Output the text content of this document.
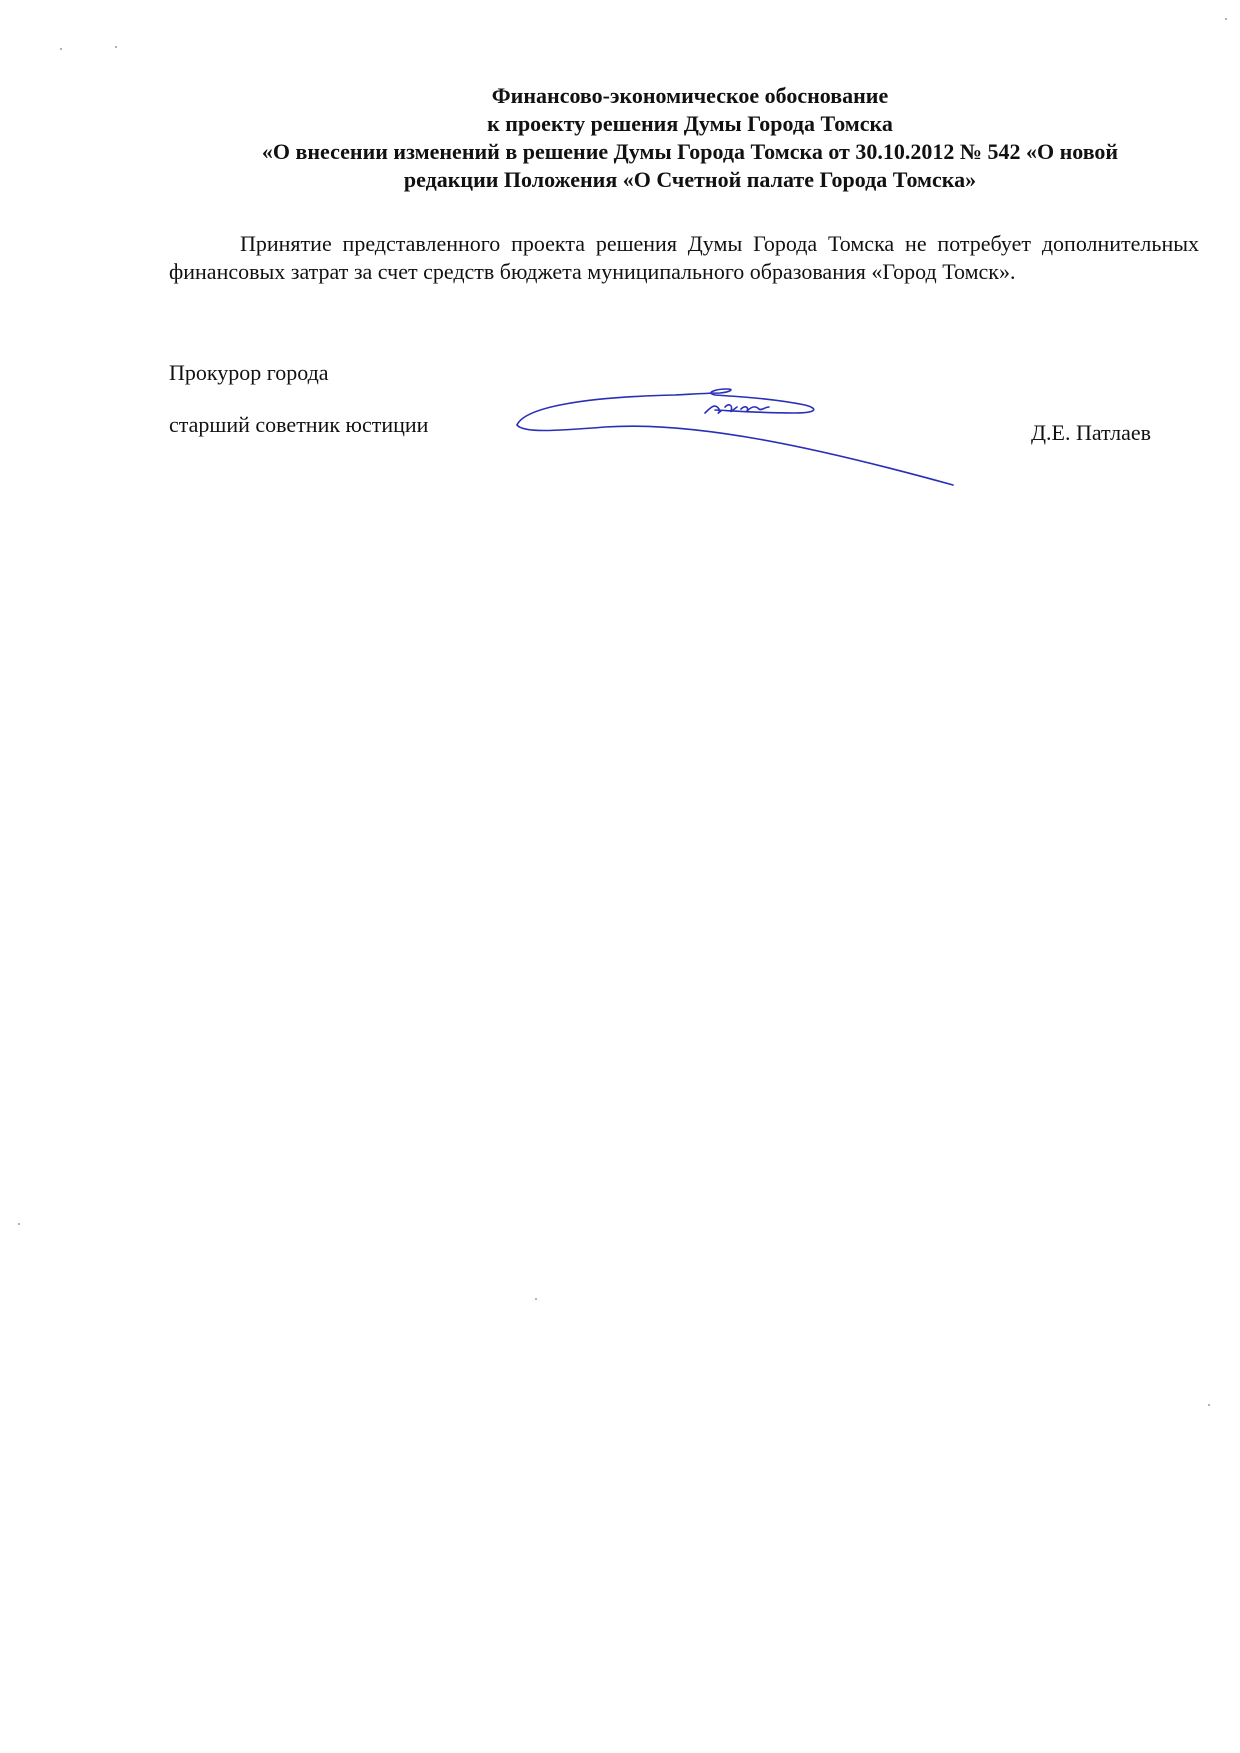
Финансово-экономическое обоснование
к проекту решения Думы Города Томска
«О внесении изменений в решение Думы Города Томска от 30.10.2012 № 542 «О новой
редакции Положения «О Счетной палате Города Томска»

Принятие представленного проекта решения Думы Города Томска не потребует дополнительных финансовых затрат за счет средств бюджета муниципального образования «Город Томск».

Прокурор города
старший советник юстиции	Д.Е. Патлаев
